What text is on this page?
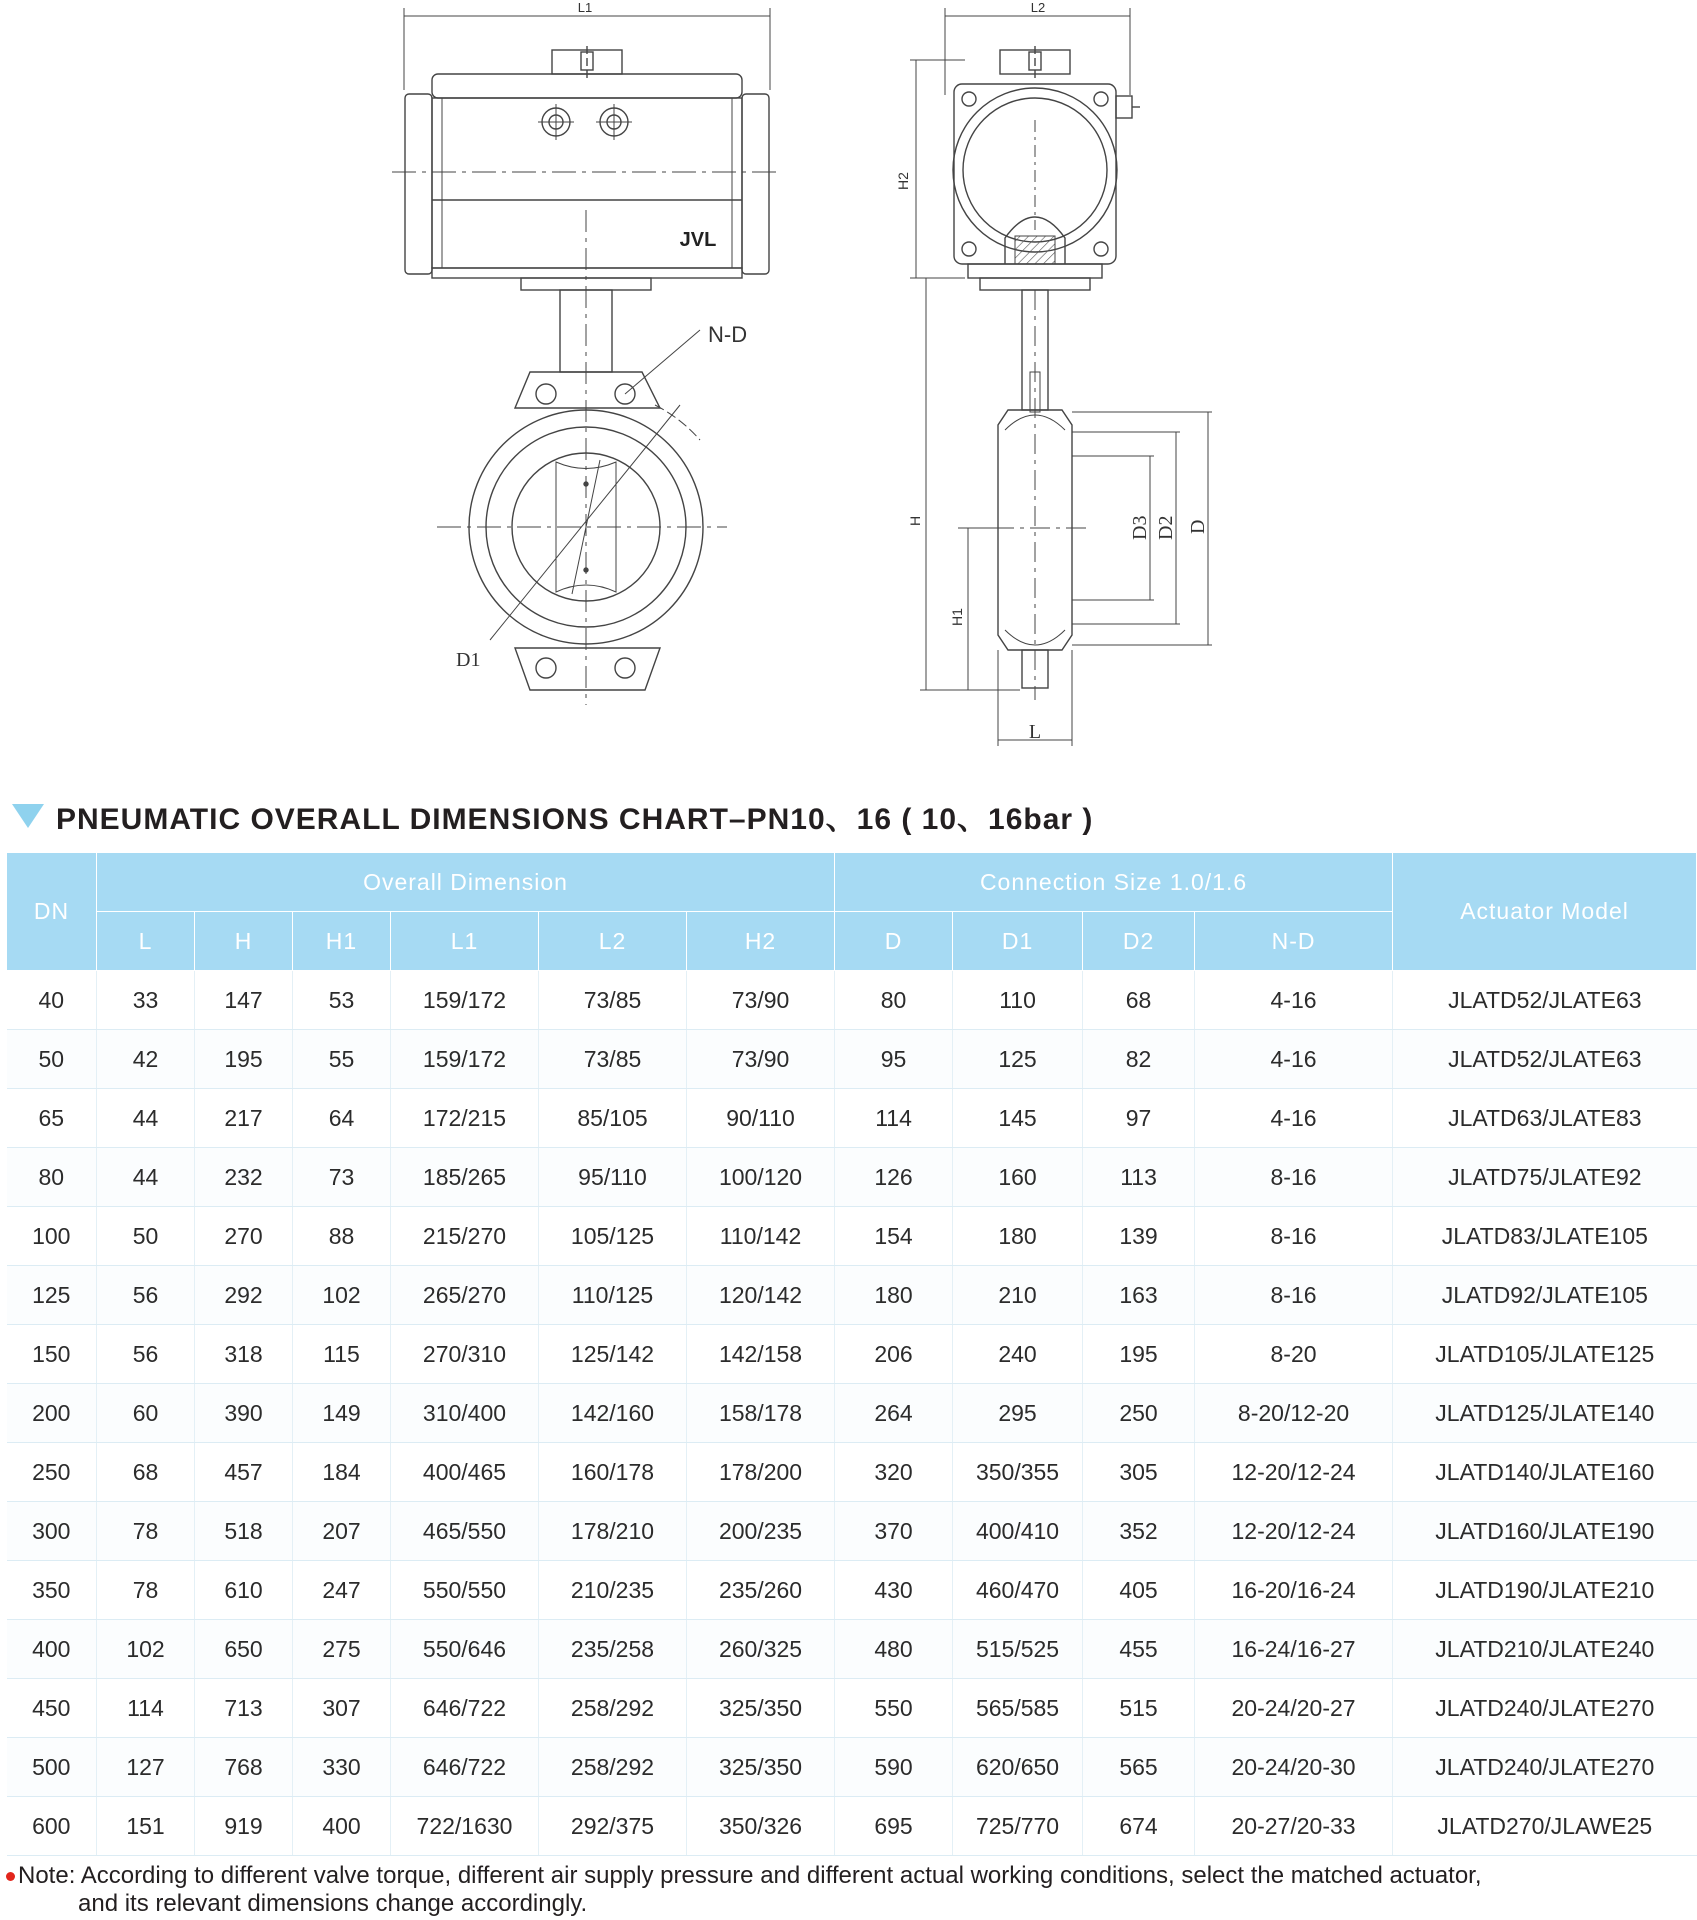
L1
JVL
N-D
D1
L2
H2
D3 D2 D
H
H1
L
PNEUMATIC OVERALL DIMENSIONS CHART–PN10、16 ( 10、16bar )
DN	Overall Dimension						Connection Size 1.0/1.6				Actuator Model
	L	H	H1	L1	L2	H2	D	D1	D2	N-D	
40	33	147	53	159/172	73/85	73/90	80	110	68	4-16	JLATD52/JLATE63
50	42	195	55	159/172	73/85	73/90	95	125	82	4-16	JLATD52/JLATE63
65	44	217	64	172/215	85/105	90/110	114	145	97	4-16	JLATD63/JLATE83
80	44	232	73	185/265	95/110	100/120	126	160	113	8-16	JLATD75/JLATE92
100	50	270	88	215/270	105/125	110/142	154	180	139	8-16	JLATD83/JLATE105
125	56	292	102	265/270	110/125	120/142	180	210	163	8-16	JLATD92/JLATE105
150	56	318	115	270/310	125/142	142/158	206	240	195	8-20	JLATD105/JLATE125
200	60	390	149	310/400	142/160	158/178	264	295	250	8-20/12-20	JLATD125/JLATE140
250	68	457	184	400/465	160/178	178/200	320	350/355	305	12-20/12-24	JLATD140/JLATE160
300	78	518	207	465/550	178/210	200/235	370	400/410	352	12-20/12-24	JLATD160/JLATE190
350	78	610	247	550/550	210/235	235/260	430	460/470	405	16-20/16-24	JLATD190/JLATE210
400	102	650	275	550/646	235/258	260/325	480	515/525	455	16-24/16-27	JLATD210/JLATE240
450	114	713	307	646/722	258/292	325/350	550	565/585	515	20-24/20-27	JLATD240/JLATE270
500	127	768	330	646/722	258/292	325/350	590	620/650	565	20-24/20-30	JLATD240/JLATE270
600	151	919	400	722/1630	292/375	350/326	695	725/770	674	20-27/20-33	JLATD270/JLAWE25
Note: According to different valve torque, different air supply pressure and different actual working conditions, select the matched actuator,
and its relevant dimensions change accordingly.
